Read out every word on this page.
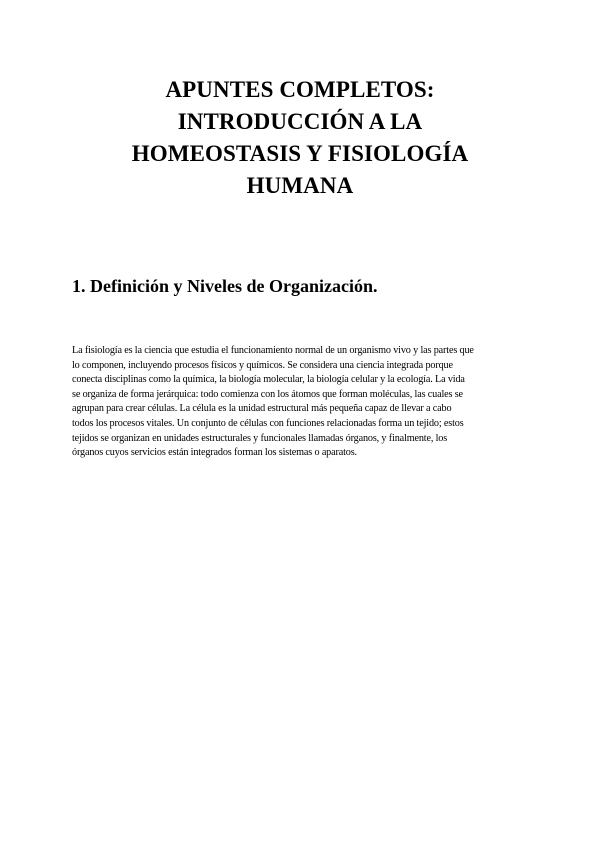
APUNTES COMPLETOS:
INTRODUCCIÓN A LA
HOMEOSTASIS Y FISIOLOGÍA
HUMANA
1. Definición y Niveles de Organización.

La fisiología es la ciencia que estudia el funcionamiento normal de un organismo vivo y las partes que
lo componen, incluyendo procesos físicos y químicos. Se considera una ciencia integrada porque
conecta disciplinas como la química, la biología molecular, la biología celular y la ecología. La vida
se organiza de forma jerárquica: todo comienza con los átomos que forman moléculas, las cuales se
agrupan para crear células. La célula es la unidad estructural más pequeña capaz de llevar a cabo
todos los procesos vitales. Un conjunto de células con funciones relacionadas forma un tejido; estos
tejidos se organizan en unidades estructurales y funcionales llamadas órganos, y finalmente, los
órganos cuyos servicios están integrados forman los sistemas o aparatos.
